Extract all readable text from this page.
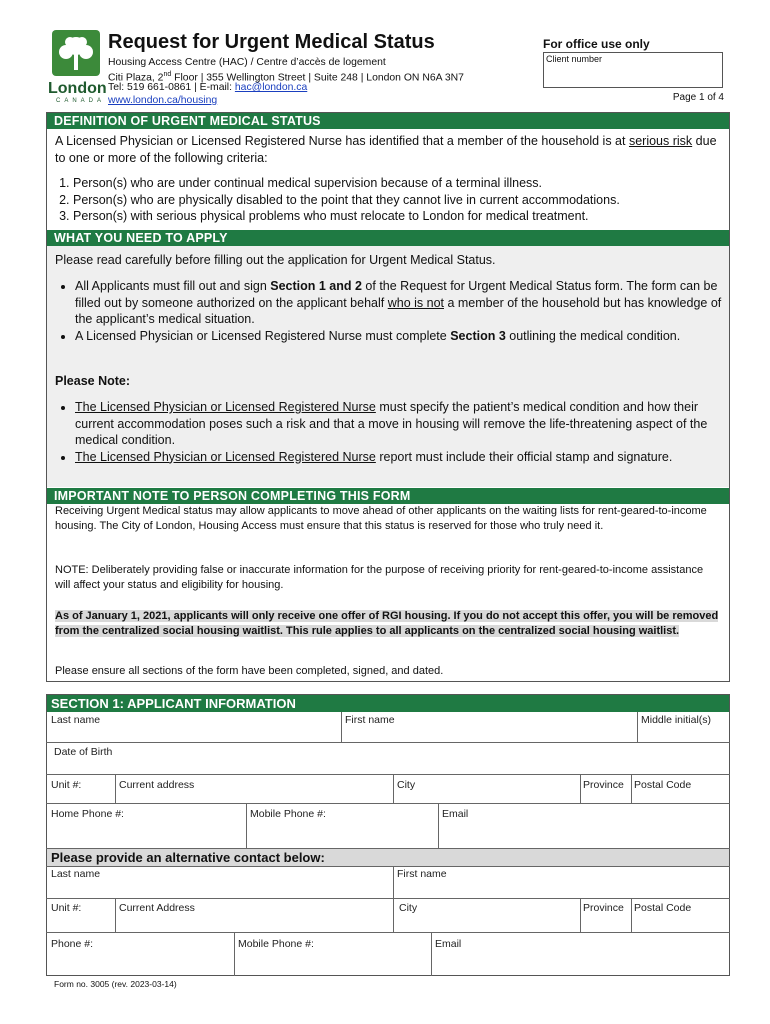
London
CANADA
Request for Urgent Medical Status
Housing Access Centre (HAC) / Centre d’accès de logement
Citi Plaza, 2nd Floor | 355 Wellington Street | Suite 248 | London ON N6A 3N7
Tel: 519 661-0861 | E-mail: hac@london.ca
www.london.ca/housing
For office use only
Client number
Page 1 of 4
DEFINITION OF URGENT MEDICAL STATUS
A Licensed Physician or Licensed Registered Nurse has identified that a member of the household is at serious risk due to one or more of the following criteria:
1. Person(s) who are under continual medical supervision because of a terminal illness.
2. Person(s) who are physically disabled to the point that they cannot live in current accommodations.
3. Person(s) with serious physical problems who must relocate to London for medical treatment.
WHAT YOU NEED TO APPLY
Please read carefully before filling out the application for Urgent Medical Status.
• All Applicants must fill out and sign Section 1 and 2 of the Request for Urgent Medical Status form. The form can be filled out by someone authorized on the applicant behalf who is not a member of the household but has knowledge of the applicant’s medical situation.
• A Licensed Physician or Licensed Registered Nurse must complete Section 3 outlining the medical condition.
Please Note:
• The Licensed Physician or Licensed Registered Nurse must specify the patient’s medical condition and how their current accommodation poses such a risk and that a move in housing will remove the life-threatening aspect of the medical condition.
• The Licensed Physician or Licensed Registered Nurse report must include their official stamp and signature.
IMPORTANT NOTE TO PERSON COMPLETING THIS FORM
Receiving Urgent Medical status may allow applicants to move ahead of other applicants on the waiting lists for rent-geared-to-income housing. The City of London, Housing Access must ensure that this status is reserved for those who truly need it.
NOTE: Deliberately providing false or inaccurate information for the purpose of receiving priority for rent-geared-to-income assistance will affect your status and eligibility for housing.
As of January 1, 2021, applicants will only receive one offer of RGI housing. If you do not accept this offer, you will be removed from the centralized social housing waitlist. This rule applies to all applicants on the centralized social housing waitlist.
Please ensure all sections of the form have been completed, signed, and dated.
SECTION 1: APPLICANT INFORMATION
Last name	First name	Middle initial(s)
Date of Birth
Unit #:	Current address	City	Province Postal Code
Home Phone #:	Mobile Phone #:	Email
Please provide an alternative contact below:
Last name	First name
Unit #:	Current Address	City	Province Postal Code
Phone #:	Mobile Phone #:	Email
Form no. 3005 (rev. 2023-03-14)
